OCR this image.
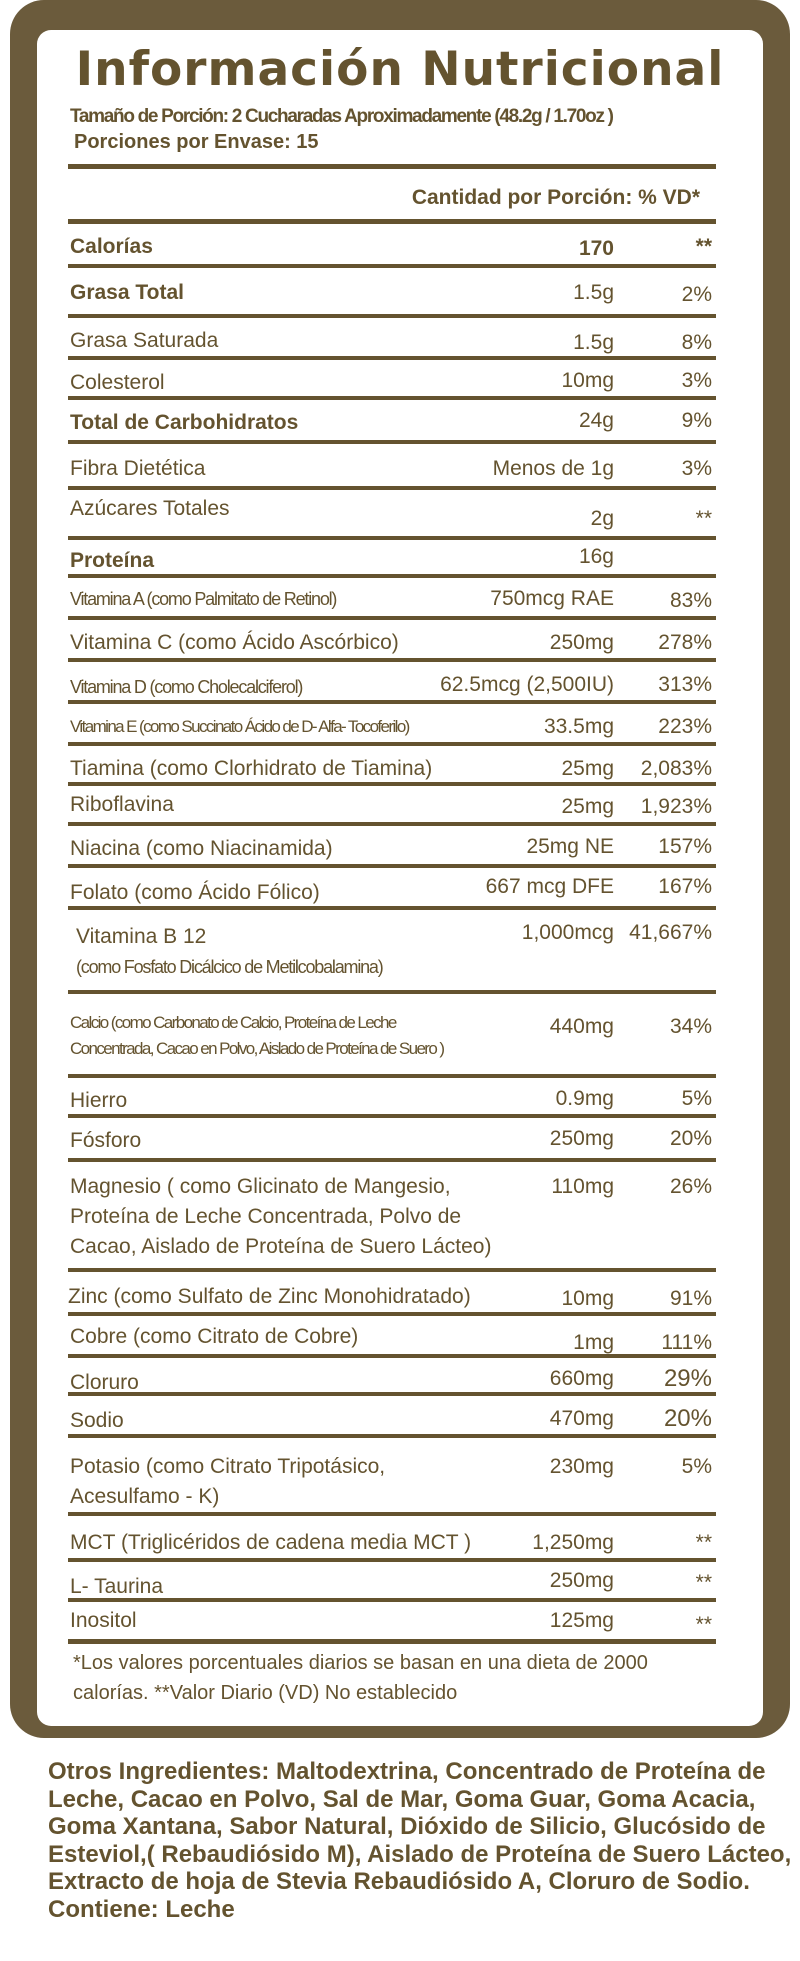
Información Nutricional
Tamaño de Porción: 2 Cucharadas Aproximadamente (48.2g / 1.70oz )
Porciones por Envase: 15
Cantidad por Porción: % VD*
Calorías	170	**
Grasa Total	1.5g	2%
Grasa Saturada	1.5g	8%
Colesterol	10mg	3%
Total de Carbohidratos	24g	9%
Fibra Dietética	Menos de 1g	3%
Azúcares Totales	2g	**
Proteína	16g
Vitamina A (como Palmitato de Retinol)	750mcg RAE	83%
Vitamina C (como Ácido Ascórbico)	250mg 278%
Vitamina D (como Cholecalciferol)	62.5mcg (2,500IU) 313%
Vitamina E (como Succinato Ácido de D- Alfa- Tocoferilo)	33.5mg 223%
Tiamina (como Clorhidrato de Tiamina)	25mg 2,083%
Riboflavina	25mg 1,923%
Niacina (como Niacinamida)	25mg NE 157%
Folato (como Ácido Fólico)	667 mcg DFE 167%
Vitamina B 12
(como Fosfato Dicálcico de Metilcobalamina)
1,000mcg 41,667%
Calcio (como Carbonato de Calcio, Proteína de Leche
Concentrada, Cacao en Polvo, Aislado de Proteína de Suero )
440mg	34%
Hierro	0.9mg	5%
Fósforo	250mg	20%
Magnesio ( como Glicinato de Mangesio,
Proteína de Leche Concentrada, Polvo de
Cacao, Aislado de Proteína de Suero Lácteo)
110mg	26%
Zinc (como Sulfato de Zinc Monohidratado)	10mg	91%
Cobre (como Citrato de Cobre)	1mg 111%
Cloruro	660mg 29%
Sodio	470mg 20%
Potasio (como Citrato Tripotásico,
Acesulfamo - K)
230mg	5%
MCT (Triglicéridos de cadena media MCT )	1,250mg	**
L- Taurina	250mg	**
Inositol	125mg	**
*Los valores porcentuales diarios se basan en una dieta de 2000 calorías. **Valor Diario (VD) No establecido
Otros Ingredientes: Maltodextrina, Concentrado de Proteína de Leche, Cacao en Polvo, Sal de Mar, Goma Guar, Goma Acacia, Goma Xantana, Sabor Natural, Dióxido de Silicio, Glucósido de Esteviol,( Rebaudiósido M), Aislado de Proteína de Suero Lácteo, Extracto de hoja de Stevia Rebaudiósido A, Cloruro de Sodio. Contiene: Leche
